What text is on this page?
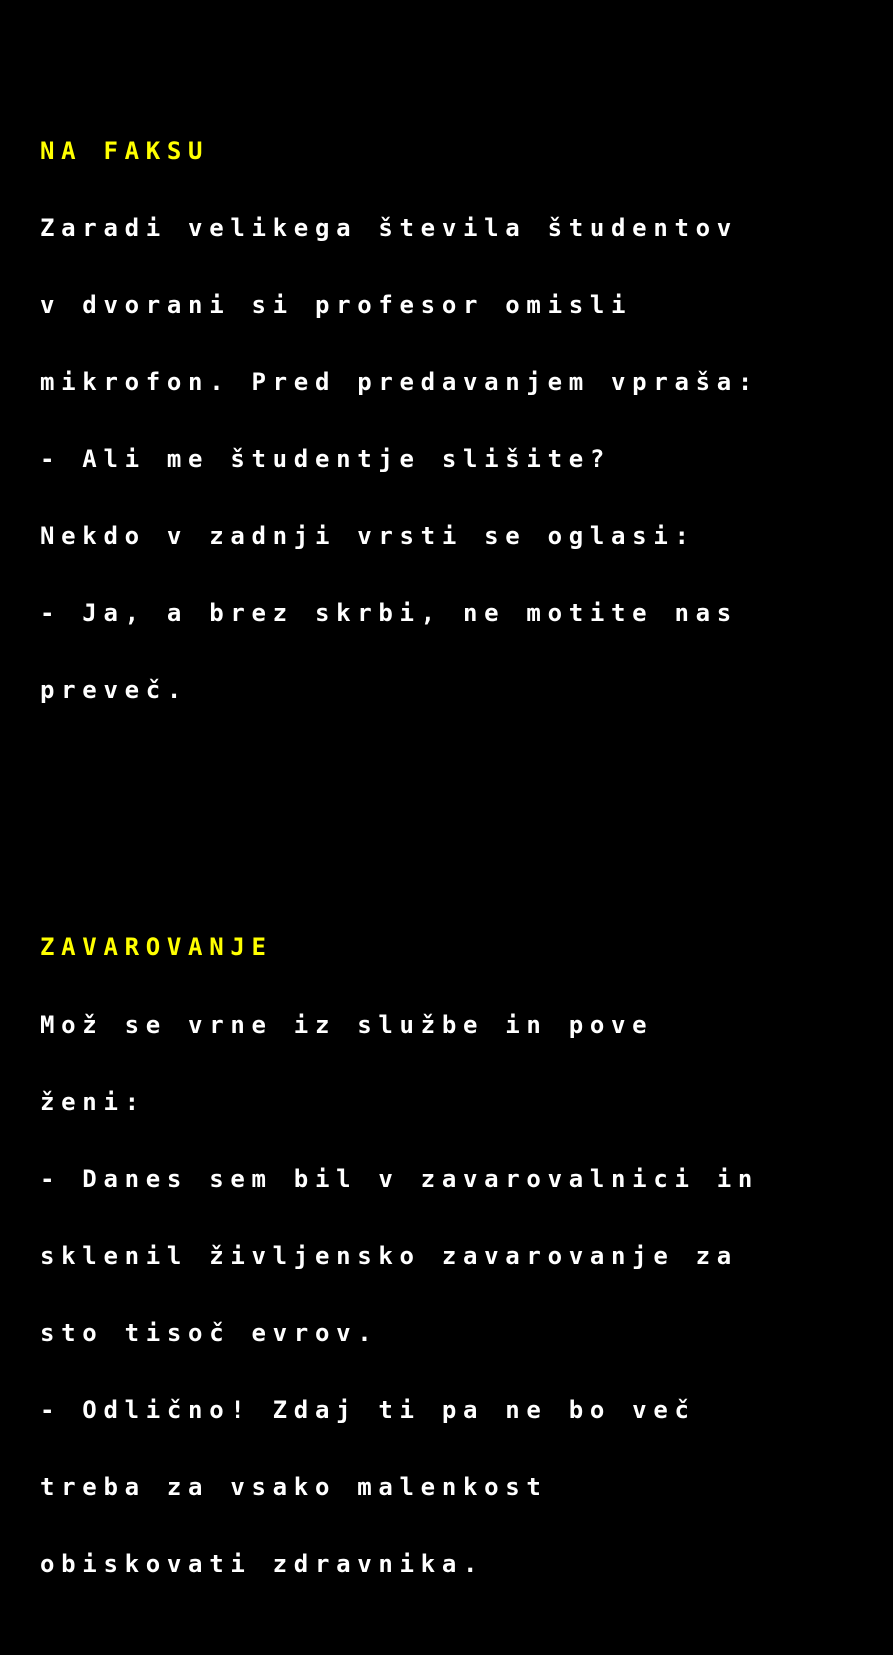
NA FAKSU

Zaradi velikega števila študentov

v dvorani si profesor omisli

mikrofon. Pred predavanjem vpraša:

- Ali me študentje slišite?

Nekdo v zadnji vrsti se oglasi:

- Ja, a brez skrbi, ne motite nas

preveč.

ZAVAROVANJE

Mož se vrne iz službe in pove

ženi:

- Danes sem bil v zavarovalnici in

sklenil življensko zavarovanje za

sto tisoč evrov.

- Odlično! Zdaj ti pa ne bo več

treba za vsako malenkost

obiskovati zdravnika.
